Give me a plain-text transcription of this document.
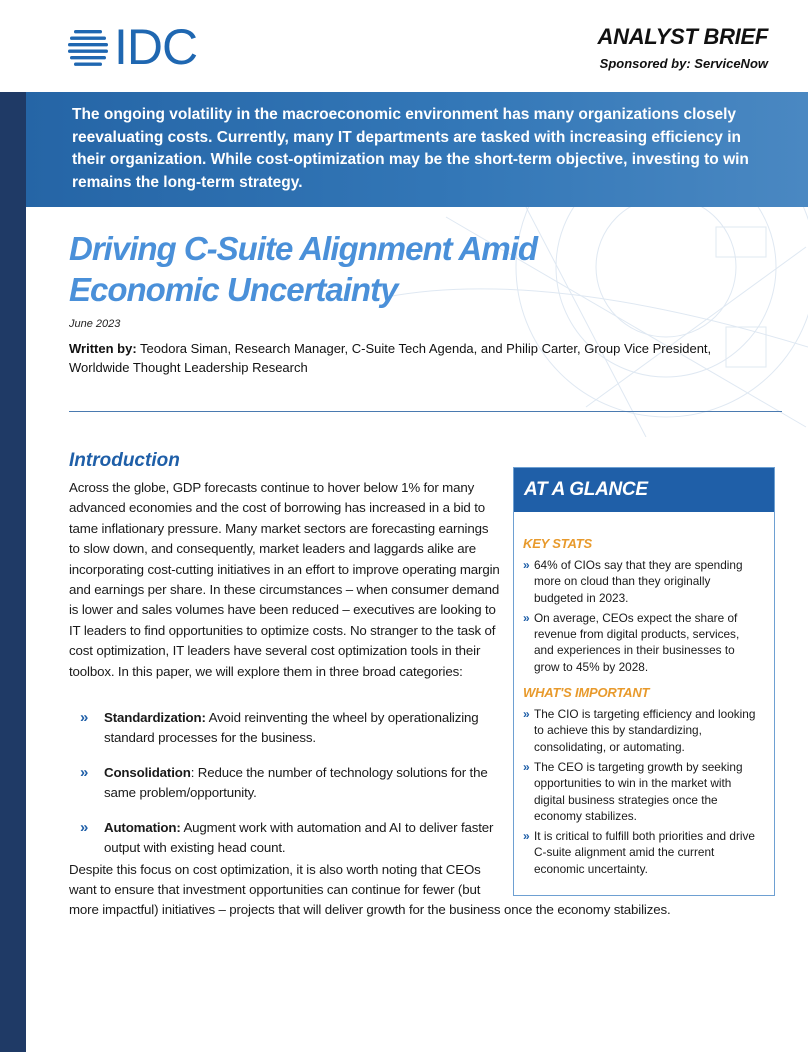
IDC	ANALYST BRIEF
Sponsored by: ServiceNow
The ongoing volatility in the macroeconomic environment has many organizations closely reevaluating costs. Currently, many IT departments are tasked with increasing efficiency in their organization. While cost-optimization may be the short-term objective, investing to win remains the long-term strategy.
Driving C-Suite Alignment Amid
Economic Uncertainty
June 2023
Written by: Teodora Siman, Research Manager, C-Suite Tech Agenda, and Philip Carter, Group Vice President, Worldwide Thought Leadership Research
Introduction
Across the globe, GDP forecasts continue to hover below 1% for many advanced economies and the cost of borrowing has increased in a bid to tame inflationary pressure. Many market sectors are forecasting earnings to slow down, and consequently, market leaders and laggards alike are incorporating cost-cutting initiatives in an effort to improve operating margin and earnings per share. In these circumstances – when consumer demand is lower and sales volumes have been reduced – executives are looking to IT leaders to find opportunities to optimize costs. No stranger to the task of cost optimization, IT leaders have several cost optimization tools in their toolbox. In this paper, we will explore them in three broad categories:
»	Standardization: Avoid reinventing the wheel by operationalizing standard processes for the business.
»	Consolidation: Reduce the number of technology solutions for the same problem/opportunity.
»	Automation: Augment work with automation and AI to deliver faster output with existing head count.
Despite this focus on cost optimization, it is also worth noting that CEOs want to ensure that investment opportunities can continue for fewer (but
more impactful) initiatives – projects that will deliver growth for the business once the economy stabilizes.
AT A GLANCE
KEY STATS
» 64% of CIOs say that they are spending more on cloud than they originally budgeted in 2023.
» On average, CEOs expect the share of revenue from digital products, services, and experiences in their businesses to grow to 45% by 2028.
WHAT'S IMPORTANT
» The CIO is targeting efficiency and looking to achieve this by standardizing, consolidating, or automating.
» The CEO is targeting growth by seeking opportunities to win in the market with digital business strategies once the economy stabilizes.
» It is critical to fulfill both priorities and drive C-suite alignment amid the current economic uncertainty.
